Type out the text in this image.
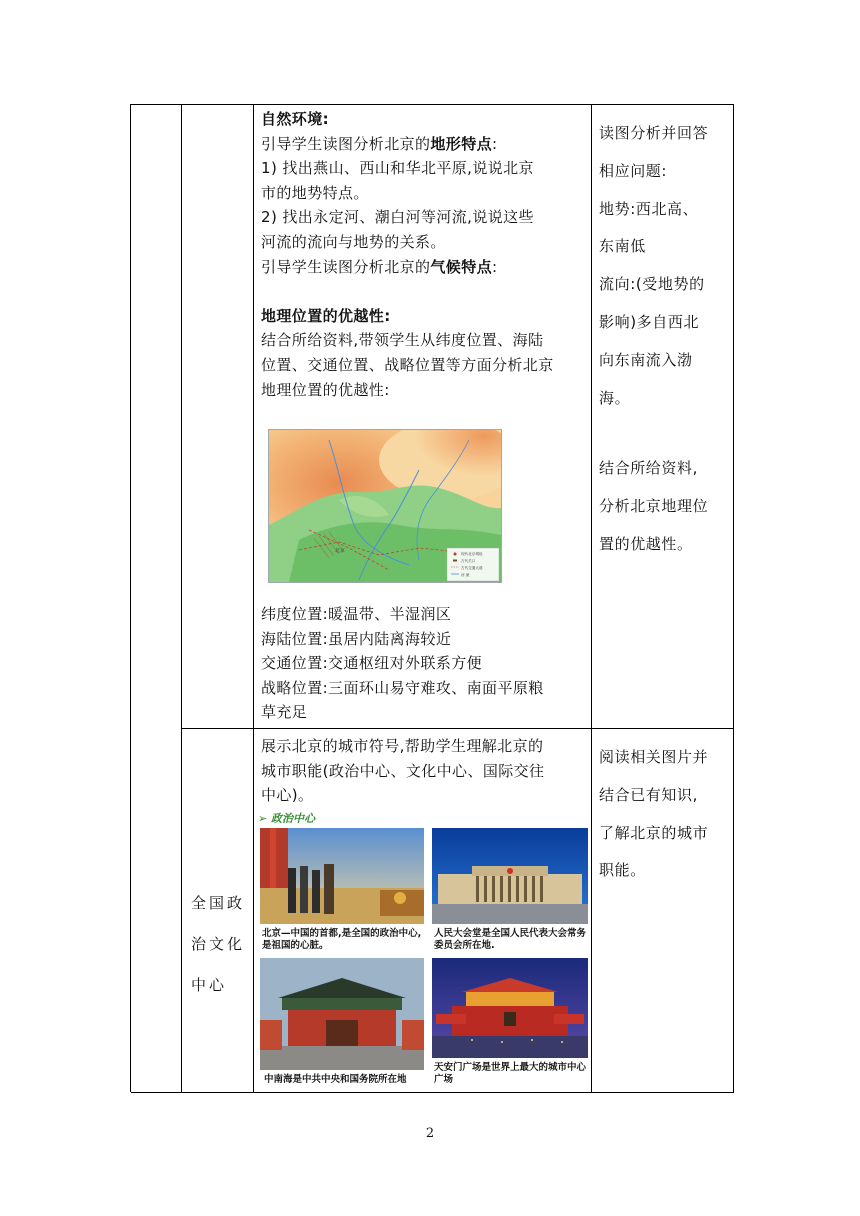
自然环境:

引导学生读图分析北京的地形特点:

1) 找出燕山、西山和华北平原,说说北京

市的地势特点。

2) 找出永定河、潮白河等河流,说说这些

河流的流向与地势的关系。

引导学生读图分析北京的气候特点:

地理位置的优越性:

结合所给资料,带领学生从纬度位置、海陆

位置、交通位置、战略位置等方面分析北京

地理位置的优越性:

北京	现代北京城址
古代关口
古代交通大道
河 流

纬度位置:暖温带、半湿润区

海陆位置:虽居内陆离海较近

交通位置:交通枢纽对外联系方便

战略位置:三面环山易守难攻、南面平原粮

草充足

读图分析并回答

相应问题:

地势:西北高、

东南低

流向:(受地势的

影响)多自西北

向东南流入渤

海。

结合所给资料,

分析北京地理位

置的优越性。

全国政

治文化

中心

展示北京的城市符号,帮助学生理解北京的

城市职能(政治中心、文化中心、国际交往

中心)。

➢ 政治中心
北京—中国的首都,是全国的政治中心,是祖国的心脏。
人民大会堂是全国人民代表大会常务委员会所在地.
中南海是中共中央和国务院所在地
天安门广场是世界上最大的城市中心广场

阅读相关图片并

结合已有知识,

了解北京的城市

职能。

2
